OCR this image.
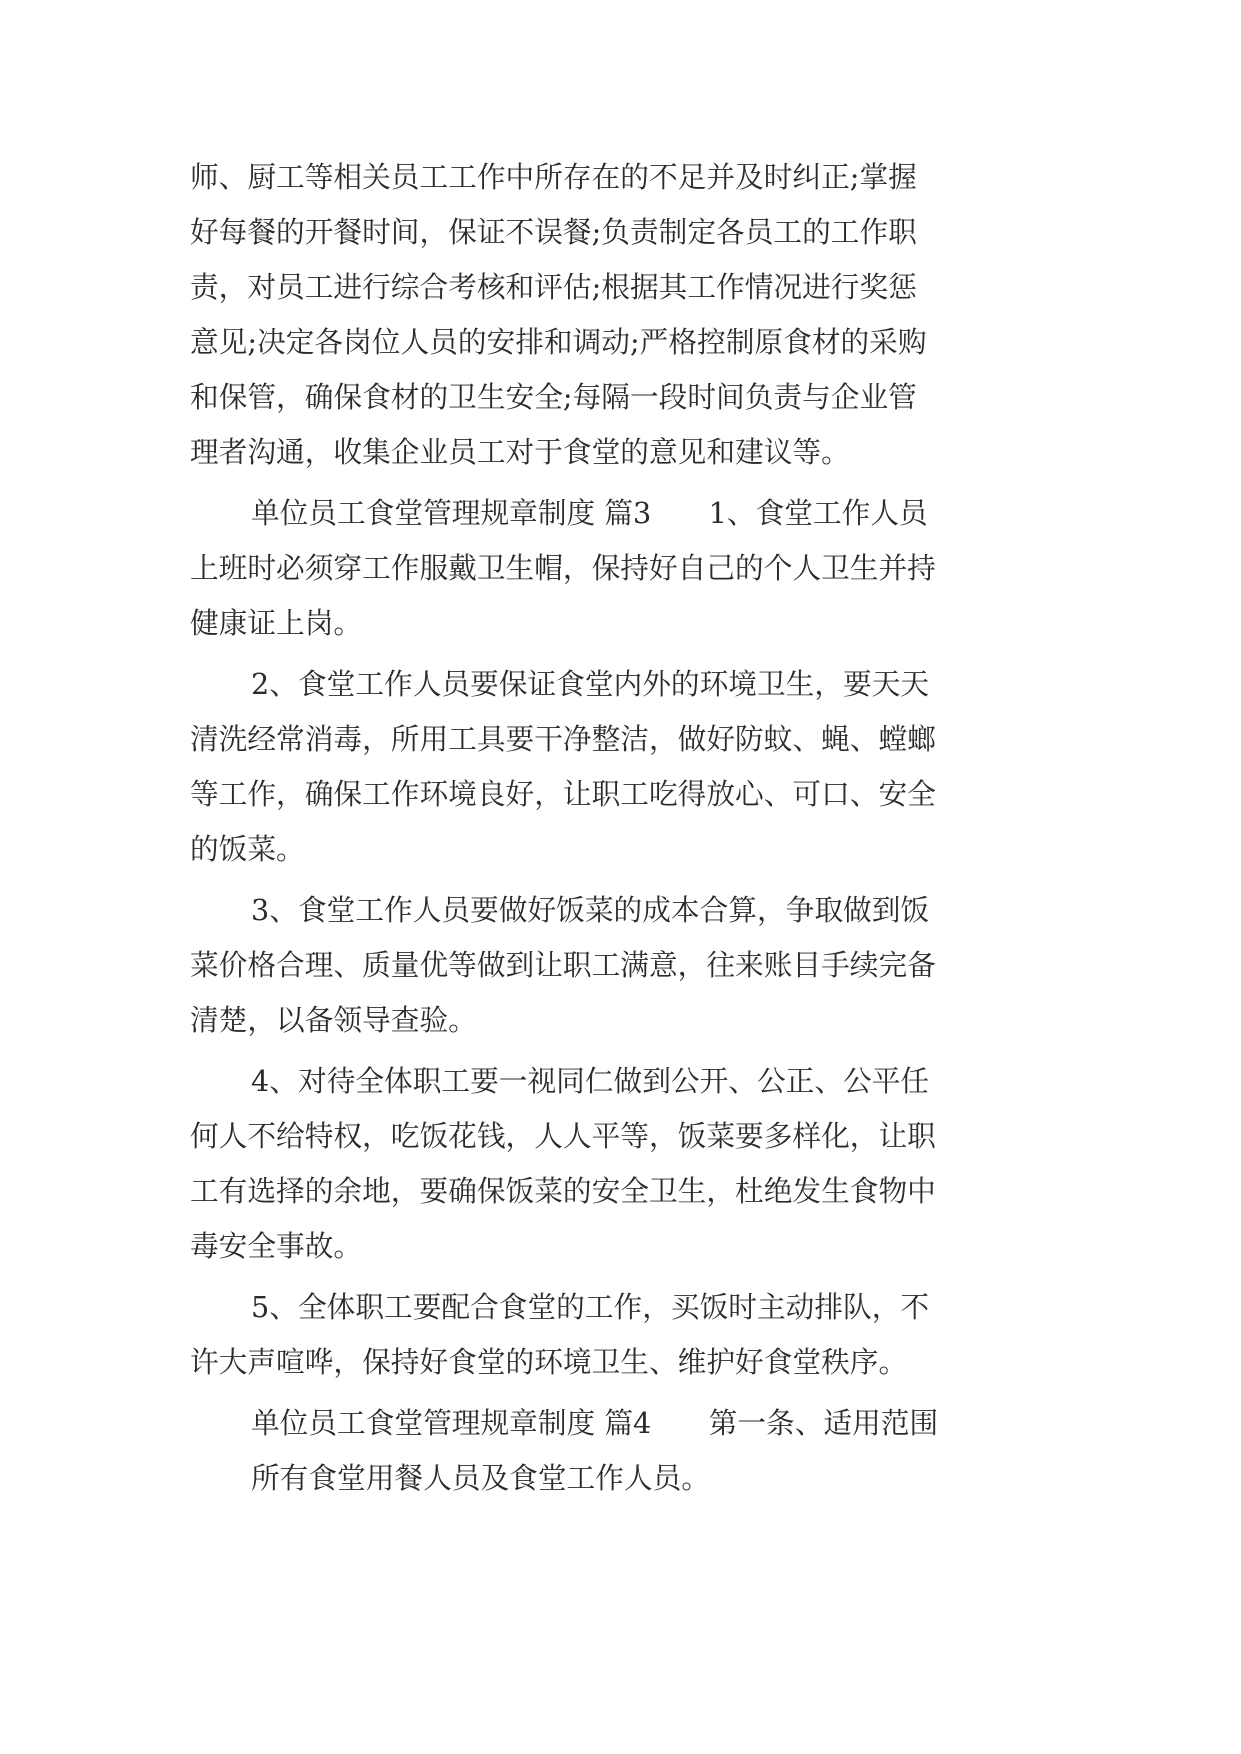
师、厨工等相关员工工作中所存在的不足并及时纠正;掌握

好每餐的开餐时间，保证不误餐;负责制定各员工的工作职

责，对员工进行综合考核和评估;根据其工作情况进行奖惩

意见;决定各岗位人员的安排和调动;严格控制原食材的采购

和保管，确保食材的卫生安全;每隔一段时间负责与企业管

理者沟通，收集企业员工对于食堂的意见和建议等。

单位员工食堂管理规章制度 篇3　　1、食堂工作人员

上班时必须穿工作服戴卫生帽，保持好自己的个人卫生并持

健康证上岗。

2、食堂工作人员要保证食堂内外的环境卫生，要天天

清洗经常消毒，所用工具要干净整洁，做好防蚊、蝇、螳螂

等工作，确保工作环境良好，让职工吃得放心、可口、安全

的饭菜。

3、食堂工作人员要做好饭菜的成本合算，争取做到饭

菜价格合理、质量优等做到让职工满意，往来账目手续完备

清楚，以备领导查验。

4、对待全体职工要一视同仁做到公开、公正、公平任

何人不给特权，吃饭花钱，人人平等，饭菜要多样化，让职

工有选择的余地，要确保饭菜的安全卫生，杜绝发生食物中

毒安全事故。

5、全体职工要配合食堂的工作，买饭时主动排队，不

许大声喧哗，保持好食堂的环境卫生、维护好食堂秩序。

单位员工食堂管理规章制度 篇4　　第一条、适用范围

所有食堂用餐人员及食堂工作人员。
